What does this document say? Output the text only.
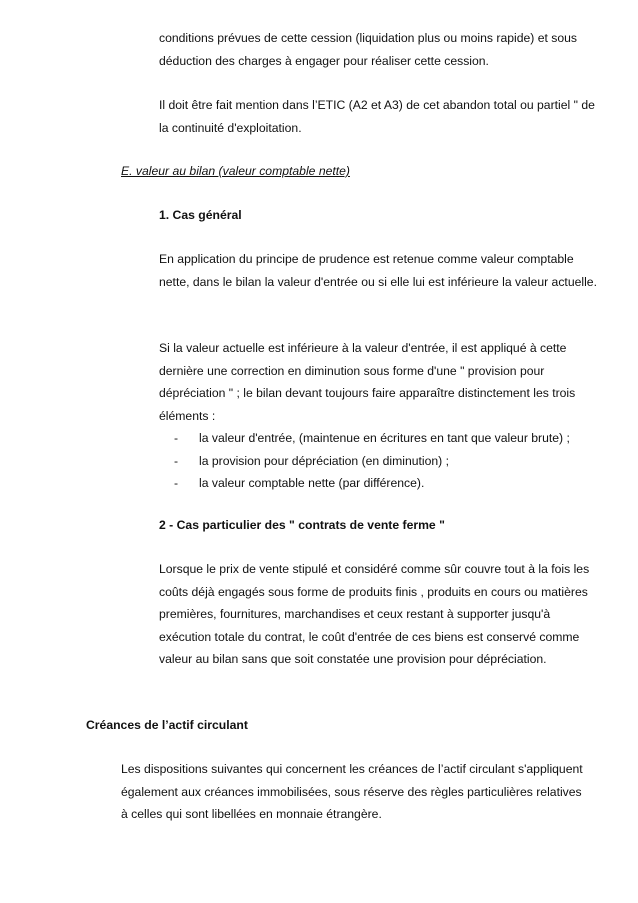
conditions prévues de cette cession (liquidation plus ou moins rapide) et sous déduction des charges à engager pour réaliser cette cession.

Il doit être fait mention dans l’ETIC (A2 et A3) de cet abandon total ou partiel " de la continuité d'exploitation.

E. valeur au bilan (valeur comptable nette)

1. Cas général

En application du principe de prudence est retenue comme valeur comptable nette, dans le bilan la valeur d'entrée ou si elle lui est inférieure la valeur actuelle.

Si la valeur actuelle est inférieure à la valeur d'entrée, il est appliqué à cette dernière une correction en diminution sous forme d'une " provision pour dépréciation " ; le bilan devant toujours faire apparaître distinctement les trois éléments :

-	la valeur d'entrée, (maintenue en écritures en tant que valeur brute) ;
-	la provision pour dépréciation (en diminution) ;
-	la valeur comptable nette (par différence).

2 - Cas particulier des " contrats de vente ferme "

Lorsque le prix de vente stipulé et considéré comme sûr couvre tout à la fois les coûts déjà engagés sous forme de produits finis , produits en cours ou matières premières, fournitures, marchandises et ceux restant à supporter jusqu'à exécution totale du contrat, le coût d'entrée de ces biens est conservé comme valeur au bilan sans que soit constatée une provision pour dépréciation.

Créances de l’actif circulant

Les dispositions suivantes qui concernent les créances de l’actif circulant s'appliquent également aux créances immobilisées, sous réserve des règles particulières relatives à celles qui sont libellées en monnaie étrangère.
